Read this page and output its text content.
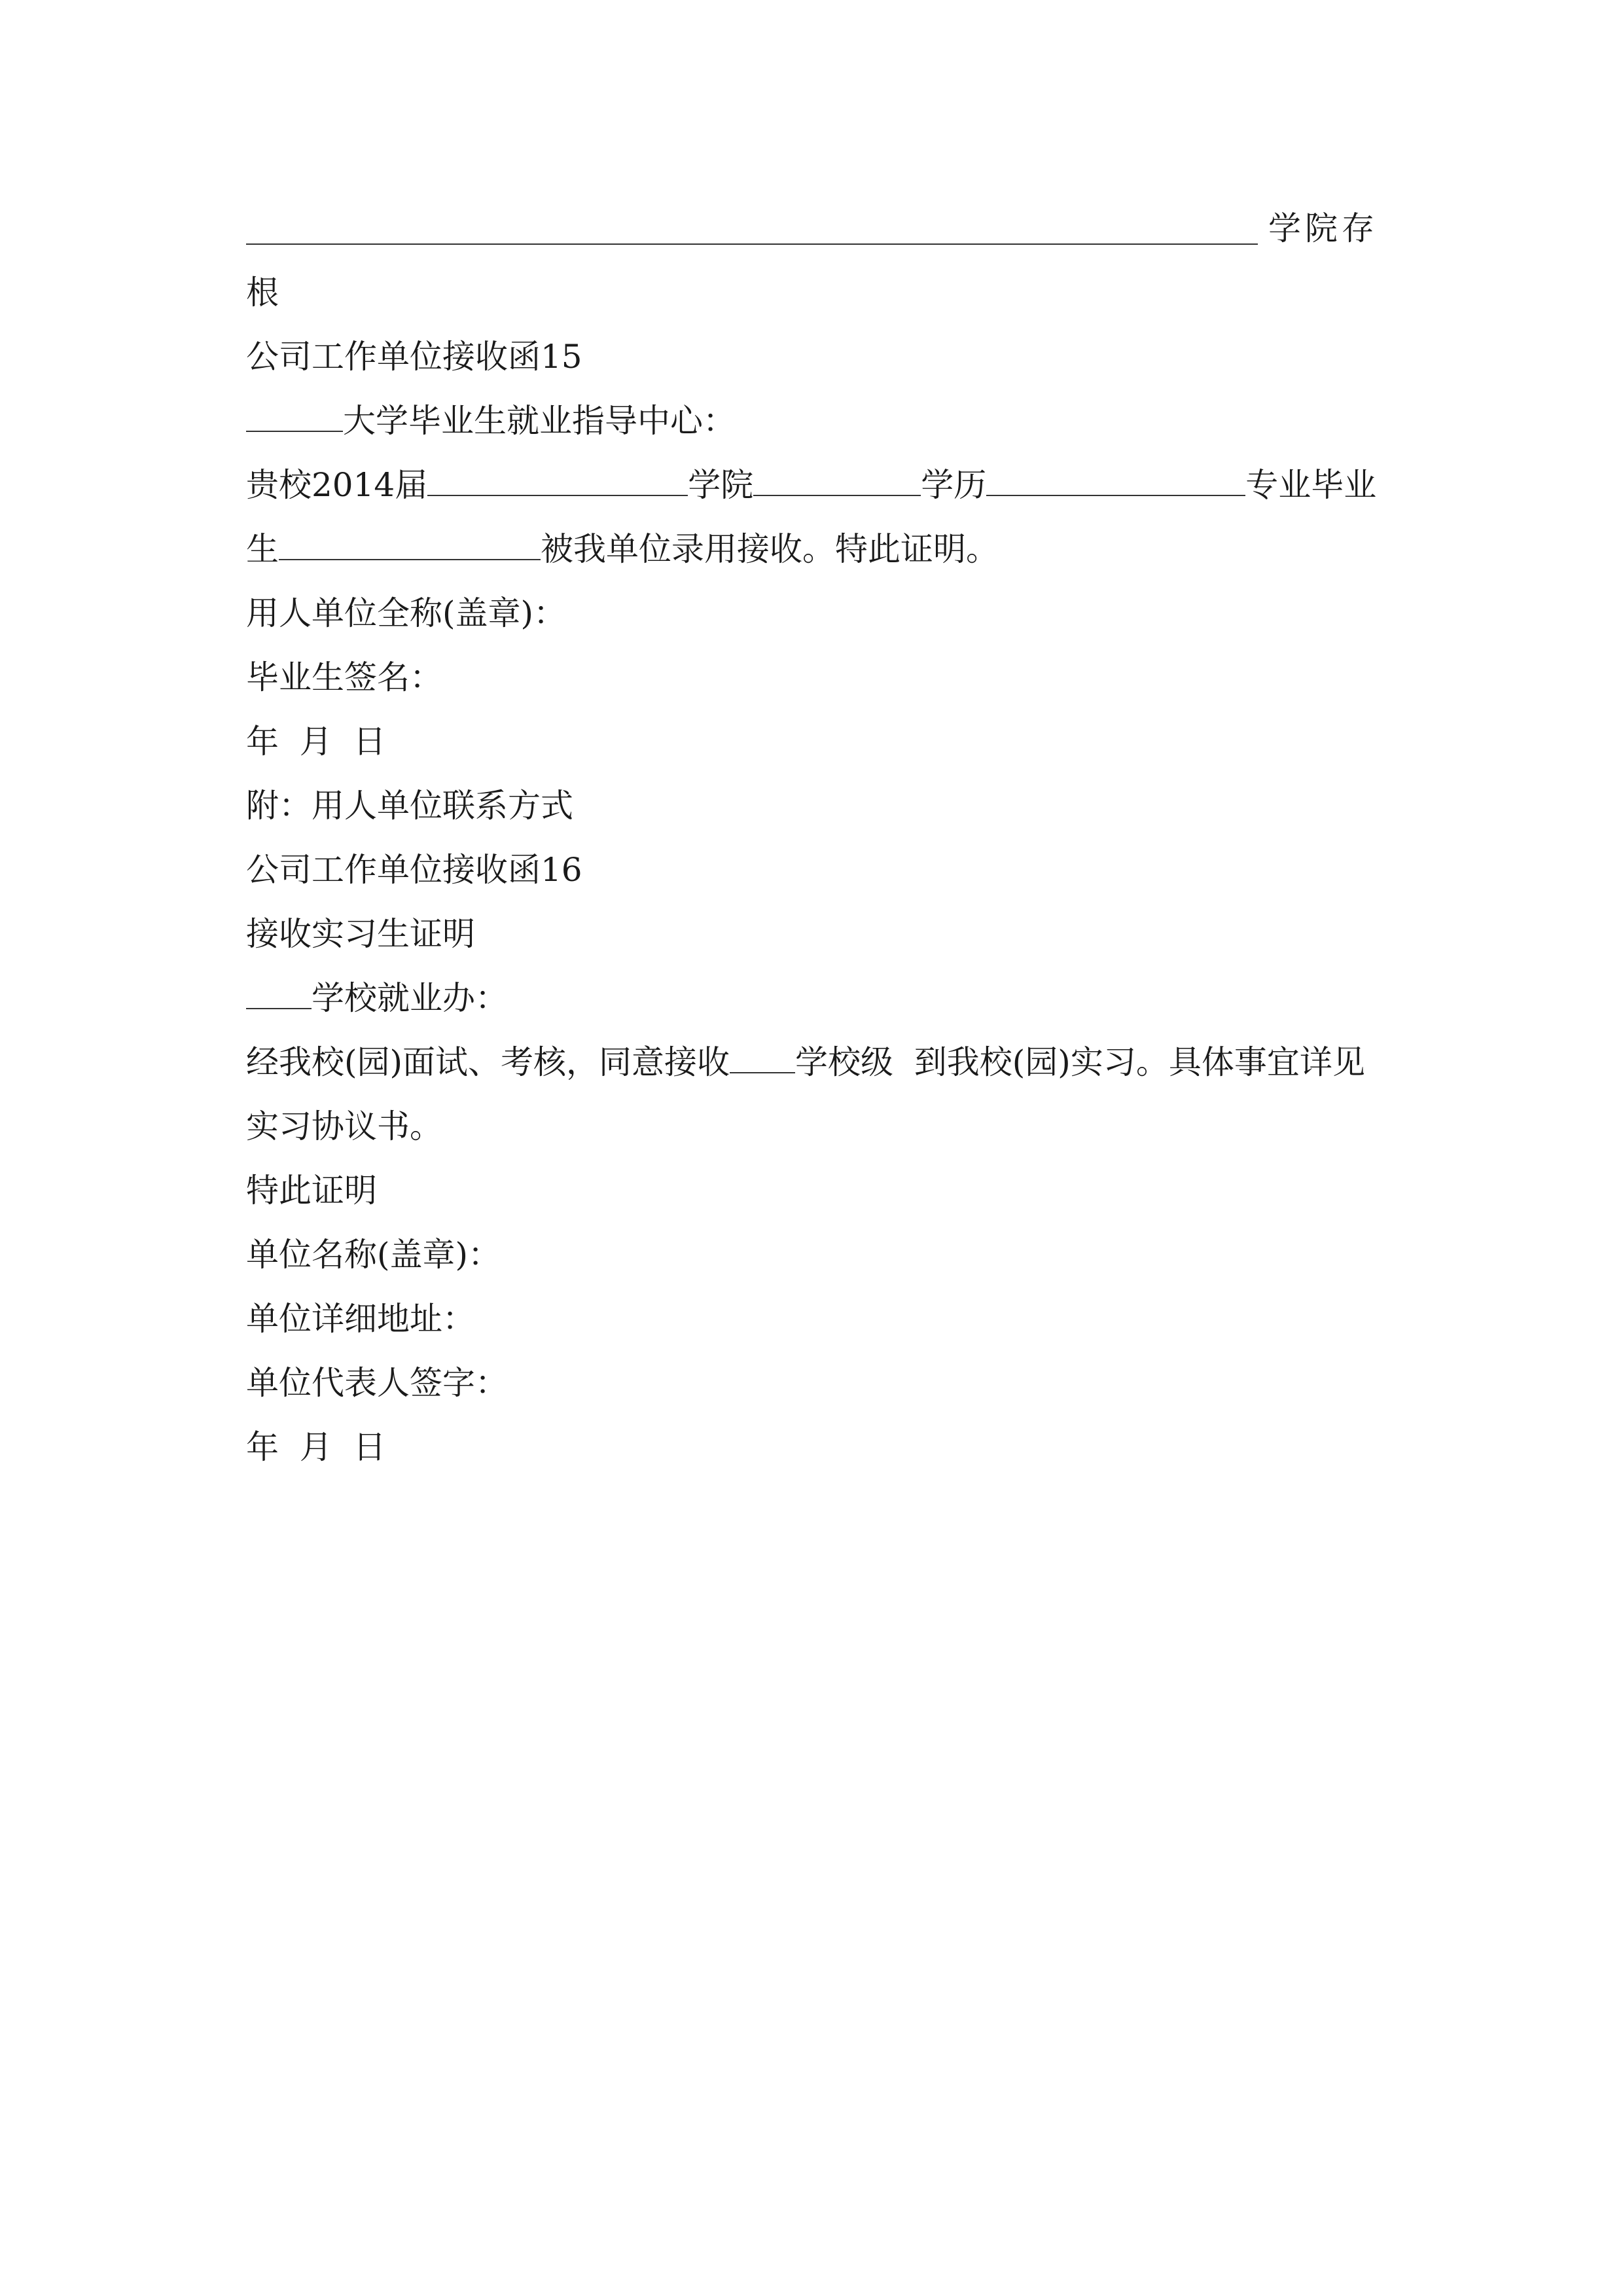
学院存
根
公司工作单位接收函15
大学毕业生就业指导中心：
贵校2014届	学院	学历	专业毕业
生	被我单位录用接收。特此证明。
用人单位全称(盖章)：
毕业生签名：
年  月  日
附：用人单位联系方式
公司工作单位接收函16
接收实习生证明
学校就业办：
经我校(园)面试、考核，同意接收 学校级  到我校(园)实习。具体事宜详见
实习协议书。
特此证明
单位名称(盖章)：
单位详细地址：
单位代表人签字：
年  月  日
